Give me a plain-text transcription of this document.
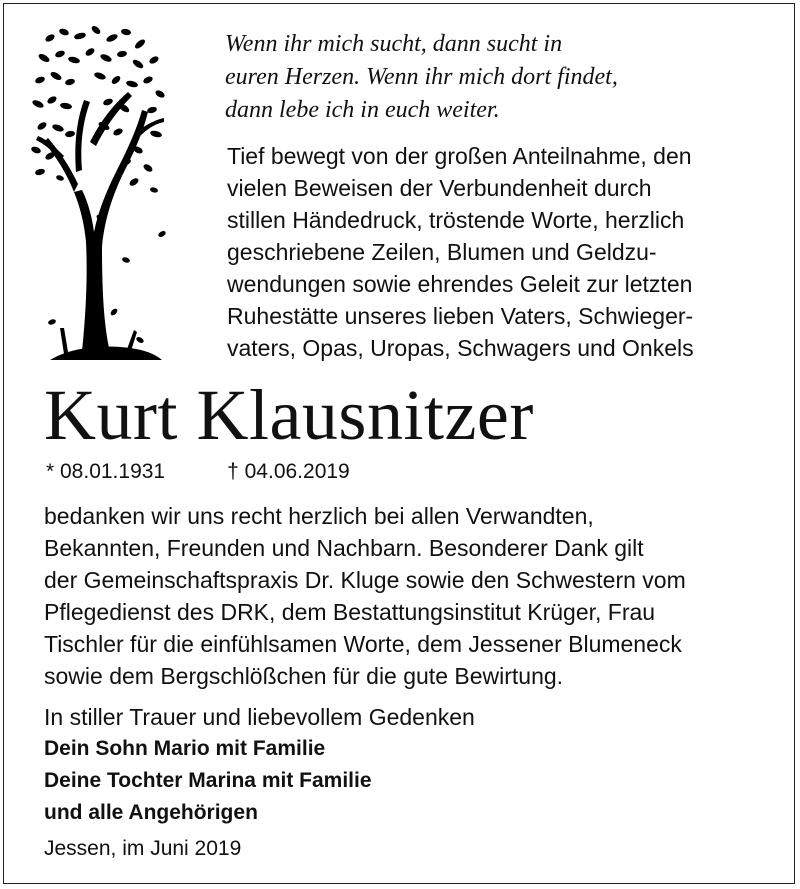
Wenn ihr mich sucht, dann sucht in
euren Herzen. Wenn ihr mich dort findet,
dann lebe ich in euch weiter.
Tief bewegt von der großen Anteilnahme, den
vielen Beweisen der Verbundenheit durch
stillen Händedruck, tröstende Worte, herzlich
geschriebene Zeilen, Blumen und Geldzu-
wendungen sowie ehrendes Geleit zur letzten
Ruhestätte unseres lieben Vaters, Schwieger-
vaters, Opas, Uropas, Schwagers und Onkels
Kurt Klausnitzer
* 08.01.1931	† 04.06.2019
bedanken wir uns recht herzlich bei allen Verwandten,
Bekannten, Freunden und Nachbarn. Besonderer Dank gilt
der Gemeinschaftspraxis Dr. Kluge sowie den Schwestern vom
Pflegedienst des DRK, dem Bestattungsinstitut Krüger, Frau
Tischler für die einfühlsamen Worte, dem Jessener Blumeneck
sowie dem Bergschlößchen für die gute Bewirtung.
In stiller Trauer und liebevollem Gedenken
Dein Sohn Mario mit Familie
Deine Tochter Marina mit Familie
und alle Angehörigen
Jessen, im Juni 2019
